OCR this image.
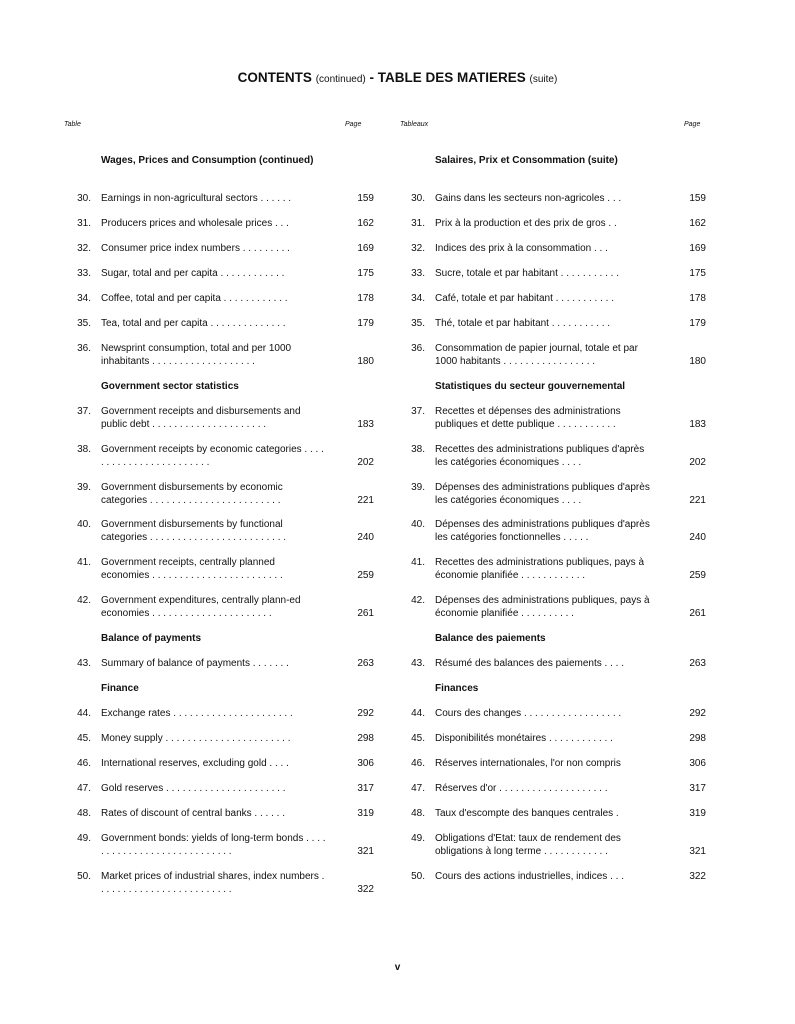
CONTENTS (continued) - TABLE DES MATIERES (suite)
Table	Page	Tableaux	Page
Wages, Prices and Consumption (continued)
30. Earnings in non-agricultural sectors . . . . . .	159
31. Producers prices and wholesale prices . . .	162
32. Consumer price index numbers . . . . . . . . .	169
33. Sugar, total and per capita . . . . . . . . . . . .	175
34. Coffee, total and per capita . . . . . . . . . . . .	178
35. Tea, total and per capita . . . . . . . . . . . . . .	179
36. Newsprint consumption, total and per 1000 inhabitants . . . . . . . . . . . . . . . . . . .	180
Government sector statistics
37. Government receipts and disbursements and public debt . . . . . . . . . . . . . . . . . . . . .	183
38. Government receipts by economic categories . . . . . . . . . . . . . . . . . . . . . . . .	202
39. Government disbursements by economic categories . . . . . . . . . . . . . . . . . . . . . . . .	221
40. Government disbursements by functional categories . . . . . . . . . . . . . . . . . . . . . . . . .	240
41. Government receipts, centrally planned economies . . . . . . . . . . . . . . . . . . . . . . . .	259
42. Government expenditures, centrally plann-ed economies . . . . . . . . . . . . . . . . . . . . . .	261
Balance of payments
43. Summary of balance of payments . . . . . . .	263
Finance
44. Exchange rates . . . . . . . . . . . . . . . . . . . . . .	292
45. Money supply . . . . . . . . . . . . . . . . . . . . . . .	298
46. International reserves, excluding gold . . . .	306
47. Gold reserves . . . . . . . . . . . . . . . . . . . . . .	317
48. Rates of discount of central banks . . . . . .	319
49. Government bonds: yields of long-term bonds . . . . . . . . . . . . . . . . . . . . . . . . . . . .	321
50. Market prices of industrial shares, index numbers . . . . . . . . . . . . . . . . . . . . . . . . .	322
Salaires, Prix et Consommation (suite)
30. Gains dans les secteurs non-agricoles . . .	159
31. Prix à la production et des prix de gros . .	162
32. Indices des prix à la consommation . . .	169
33. Sucre, totale et par habitant . . . . . . . . . . .	175
34. Café, totale et par habitant . . . . . . . . . . .	178
35. Thé, totale et par habitant . . . . . . . . . . .	179
36. Consommation de papier journal, totale et par 1000 habitants . . . . . . . . . . . . . . . . .	180
Statistiques du secteur gouvernemental
37. Recettes et dépenses des administrations publiques et dette publique . . . . . . . . . . .	183
38. Recettes des administrations publiques d'après les catégories économiques . . . .	202
39. Dépenses des administrations publiques d'après les catégories économiques . . . .	221
40. Dépenses des administrations publiques d'après les catégories fonctionnelles . . . . .	240
41. Recettes des administrations publiques, pays à économie planifiée . . . . . . . . . . . .	259
42. Dépenses des administrations publiques, pays à économie planifiée . . . . . . . . . .	261
Balance des paiements
43. Résumé des balances des paiements . . . .	263
Finances
44. Cours des changes . . . . . . . . . . . . . . . . . .	292
45. Disponibilités monétaires . . . . . . . . . . . .	298
46. Réserves internationales, l'or non compris	306
47. Réserves d'or . . . . . . . . . . . . . . . . . . . .	317
48. Taux d'escompte des banques centrales .	319
49. Obligations d'Etat: taux de rendement des obligations à long terme . . . . . . . . . . . .	321
50. Cours des actions industrielles, indices . . .	322
v
